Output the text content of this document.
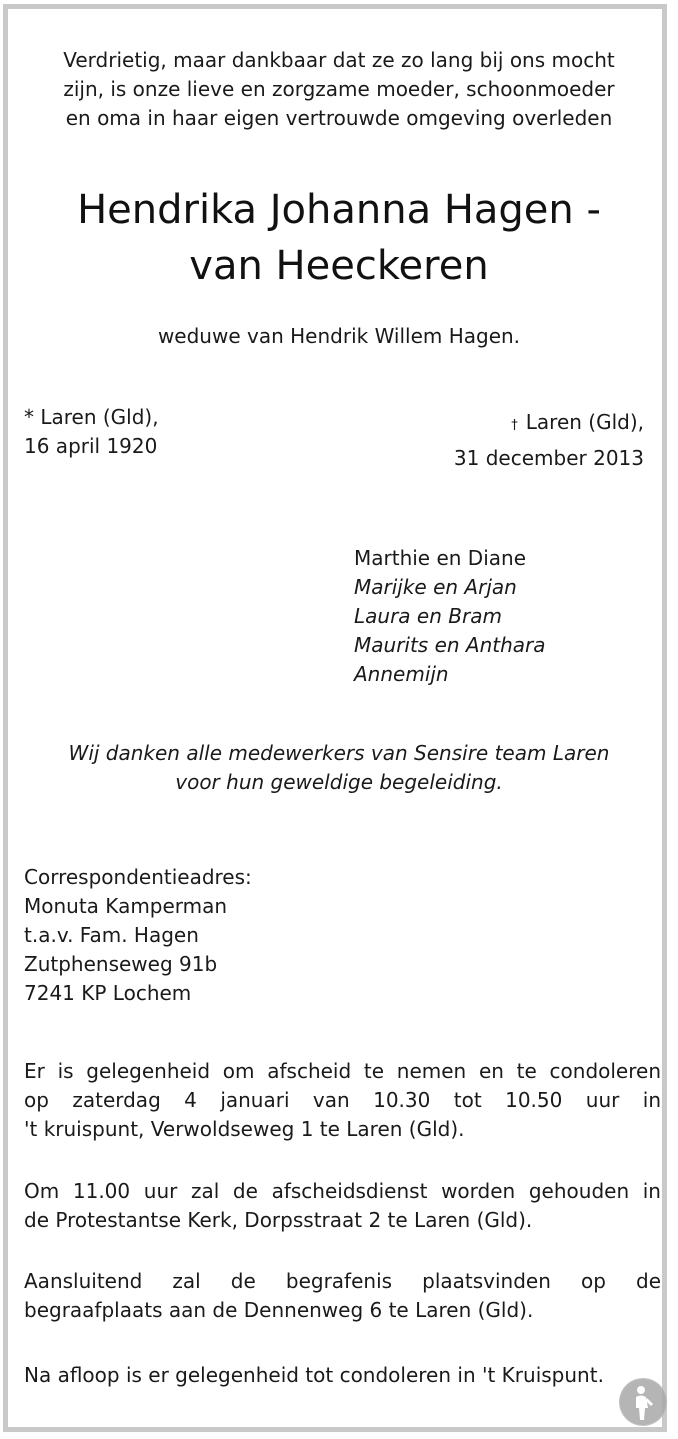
Verdrietig, maar dankbaar dat ze zo lang bij ons mocht
zijn, is onze lieve en zorgzame moeder, schoonmoeder
en oma in haar eigen vertrouwde omgeving overleden
Hendrika Johanna Hagen -
van Heeckeren
weduwe van Hendrik Willem Hagen.
* Laren (Gld),
16 april 1920
† Laren (Gld),
31 december 2013
Marthie en Diane
Marijke en Arjan
Laura en Bram
Maurits en Anthara
Annemijn
Wij danken alle medewerkers van Sensire team Laren
voor hun geweldige begeleiding.
Correspondentieadres:
Monuta Kamperman
t.a.v. Fam. Hagen
Zutphenseweg 91b
7241 KP Lochem
Er is gelegenheid om afscheid te nemen en te condoleren
op zaterdag 4 januari van 10.30 tot 10.50 uur in
't kruispunt, Verwoldseweg 1 te Laren (Gld).
Om 11.00 uur zal de afscheidsdienst worden gehouden in
de Protestantse Kerk, Dorpsstraat 2 te Laren (Gld).
Aansluitend zal de begrafenis plaatsvinden op de
begraafplaats aan de Dennenweg 6 te Laren (Gld).
Na afloop is er gelegenheid tot condoleren in 't Kruispunt.
